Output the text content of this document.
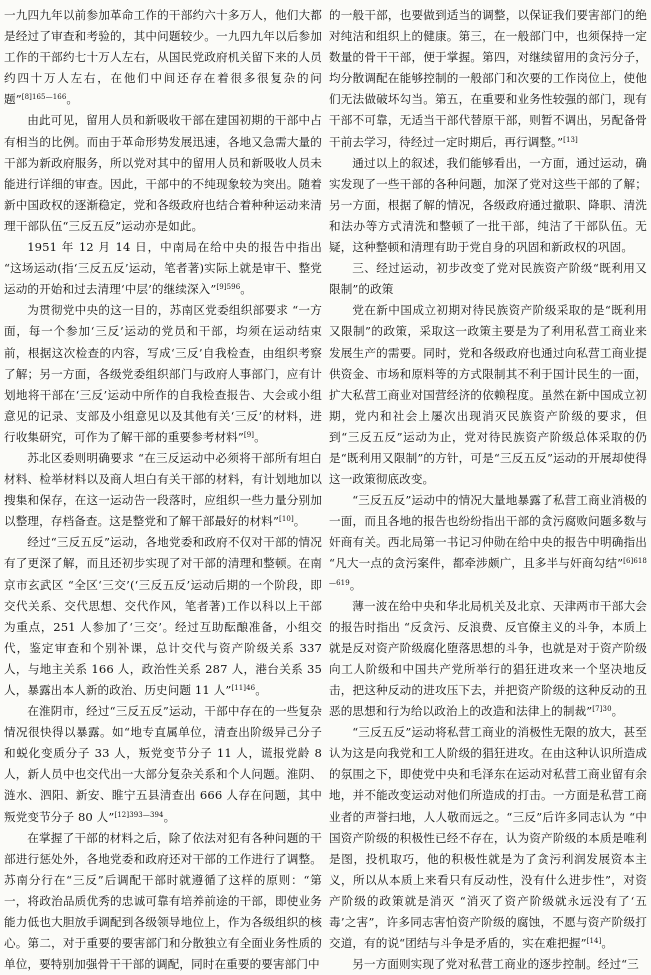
一九四九年以前参加革命工作的干部约六十多万人，他们大都是经过了审查和考验的，其中问题较少。一九四九年以后参加工作的干部约七十万人左右，从国民党政府机关留下来的人员约四十万人左右，在他们中间还存在着很多很复杂的问题”$^{[8]165—166}$。

由此可见，留用人员和新吸收干部在建国初期的干部中占有相当的比例。而由于革命形势发展迅速，各地又急需大量的干部为新政府服务，所以党对其中的留用人员和新吸收人员未能进行详细的审查。因此，干部中的不纯现象较为突出。随着新中国政权的逐渐稳定，党和各级政府也结合着种种运动来清理干部队伍“三反五反”运动亦是如此。

1951 年 12 月 14 日，中南局在给中央的报告中指出 “这场运动(指‘三反五反’运动，笔者著)实际上就是审干、整党运动的开始和过去清理‘中层’的继续深入”$^{[9]596}$。

为贯彻党中央的这一目的，苏南区党委组织部要求 “一方面，每一个参加‘三反’运动的党员和干部，均须在运动结束前，根据这次检查的内容，写成‘三反’自我检查，由组织考察了解；另一方面，各级党委组织部门与政府人事部门，应有计划地将干部在‘三反’运动中所作的自我检查报告、大会或小组意见的记录、支部及小组意见以及其他有关‘三反’的材料，进行收集研究，可作为了解干部的重要参考材料”[9]。

苏北区委则明确要求 “在三反运动中必须将干部所有坦白材料、检举材料以及商人坦白有关干部的材料，有计划地加以搜集和保存，在这一运动告一段落时，应组织一些力量分别加以整理，存档备查。这是整党和了解干部最好的材料”[10]。

经过“三反五反”运动，各地党委和政府不仅对干部的情况有了更深了解，而且还初步实现了对干部的清理和整顿。在南京市玄武区 “全区‘三交’(‘三反五反’运动后期的一个阶段，即交代关系、交代思想、交代作风，笔者著)工作以科以上干部为重点，251 人参加了‘三交’。经过互助酝酿准备，小组交代，鉴定审查和个别补课，总计交代与资产阶级关系 337 人，与地主关系 166 人，政治性关系 287 人，港台关系 35 人，暴露出本人新的政治、历史问题 11 人”$^{[11]46}$。

在淮阴市，经过“三反五反”运动，干部中存在的一些复杂情况很快得以暴露。如“地专直属单位，清查出阶级异己分子和蜕化变质分子 33 人，叛党变节分子 11 人，谎报党龄 8 人，新人员中也交代出一大部分复杂关系和个人问题。淮阴、涟水、泗阳、新安、睢宁五县清查出 666 人存在问题，其中叛党变节分子 80 人”$^{[12]393—394}$。

在掌握了干部的材料之后，除了依法对犯有各种问题的干部进行惩处外，各地党委和政府还对干部的工作进行了调整。苏南分行在“三反”后调配干部时就遵循了这样的原则：“第一，将政治品质优秀的忠诚可靠有培养前途的干部，即使业务能力低也大胆放手调配到各级领导地位上，作为各级组织的核心。第二，对于重要的要害部门和分散独立有全面业务性质的单位，要特别加强骨干干部的调配，同时在重要的要害部门中

的一般干部，也要做到适当的调整，以保证我们要害部门的绝对纯洁和组织上的健康。第三，在一般部门中，也须保持一定数量的骨干干部，便于掌握。第四，对继续留用的贪污分子，均分散调配在能够控制的一般部门和次要的工作岗位上，使他们无法做破坏勾当。第五，在重要和业务性较强的部门，现有干部不可靠，无适当干部代替原干部，则暂不调出，另配备骨干前去学习，待经过一定时期后，再行调整。”[13]

通过以上的叙述，我们能够看出，一方面，通过运动，确实发现了一些干部的各种问题，加深了党对这些干部的了解；另一方面，根据了解的情况，各级政府通过撤职、降职、清洗和法办等方式清洗和整顿了一批干部，纯洁了干部队伍。无疑，这种整顿和清理有助于党自身的巩固和新政权的巩固。

三、经过运动，初步改变了党对民族资产阶级“既利用又限制”的政策

党在新中国成立初期对待民族资产阶级采取的是“既利用又限制”的政策，采取这一政策主要是为了利用私营工商业来发展生产的需要。同时，党和各级政府也通过向私营工商业提供资金、市场和原料等的方式限制其不利于国计民生的一面，扩大私营工商业对国营经济的依赖程度。虽然在新中国成立初期，党内和社会上屡次出现消灭民族资产阶级的要求，但到“三反五反”运动为止，党对待民族资产阶级总体采取的仍是“既利用又限制”的方针，可是“三反五反”运动的开展却使得这一政策彻底改变。

“三反五反”运动中的情况大量地暴露了私营工商业消极的一面，而且各地的报告也纷纷指出干部的贪污腐败问题多数与奸商有关。西北局第一书记习仲勋在给中央的报告中明确指出 “凡大一点的贪污案件，都牵涉颇广，且多半与奸商勾结”$^{[6]618—619}$。

薄一波在给中央和华北局机关及北京、天津两市干部大会的报告时指出 “反贪污、反浪费、反官僚主义的斗争，本质上就是反对资产阶级腐化堕落思想的斗争，也就是对于资产阶级向工人阶级和中国共产党所举行的猖狂进攻来一个坚决地反击，把这种反动的进攻压下去，并把资产阶级的这种反动的丑恶的思想和行为给以政治上的改造和法律上的制裁”$^{[7]30}$。

“三反五反”运动将私营工商业的消极性无限的放大，甚至认为这是向我党和工人阶级的猖狂进攻。在由这种认识所造成的氛围之下，即使党中央和毛泽东在运动对私营工商业留有余地，并不能改变运动对他们所造成的打击。一方面是私营工商业者的声誉扫地，人人敬而远之。“三反”后许多同志认为 “中国资产阶级的积极性已经不存在，认为资产阶级的本质是唯利是图，投机取巧，他的积极性就是为了贪污利润发展资本主义，所以从本质上来看只有反动性，没有什么进步性”，对资产阶级的政策就是消灭 “消灭了资产阶级就永远没有了‘五毒’之害”，许多同志害怕资产阶级的腐蚀，不愿与资产阶级打交道，有的说“团结与斗争是矛盾的，实在难把握”[14]。

另一方面则实现了党对私营工商业的逐步控制。经过“三
